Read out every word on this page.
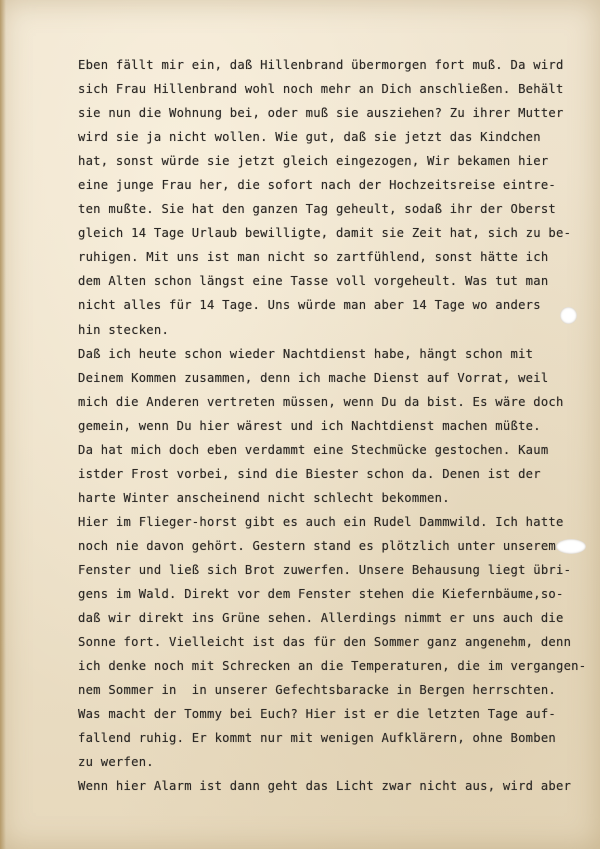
Eben fällt mir ein, daß Hillenbrand übermorgen fort muß. Da wird
sich Frau Hillenbrand wohl noch mehr an Dich anschließen. Behält
sie nun die Wohnung bei, oder muß sie ausziehen? Zu ihrer Mutter
wird sie ja nicht wollen. Wie gut, daß sie jetzt das Kindchen
hat, sonst würde sie jetzt gleich eingezogen, Wir bekamen hier
eine junge Frau her, die sofort nach der Hochzeitsreise eintre-
ten mußte. Sie hat den ganzen Tag geheult, sodaß ihr der Oberst
gleich 14 Tage Urlaub bewilligte, damit sie Zeit hat, sich zu be-
ruhigen. Mit uns ist man nicht so zartfühlend, sonst hätte ich
dem Alten schon längst eine Tasse voll vorgeheult. Was tut man
nicht alles für 14 Tage. Uns würde man aber 14 Tage wo anders
hin stecken.
Daß ich heute schon wieder Nachtdienst habe, hängt schon mit
Deinem Kommen zusammen, denn ich mache Dienst auf Vorrat, weil
mich die Anderen vertreten müssen, wenn Du da bist. Es wäre doch
gemein, wenn Du hier wärest und ich Nachtdienst machen müßte.
Da hat mich doch eben verdammt eine Stechmücke gestochen. Kaum
istder Frost vorbei, sind die Biester schon da. Denen ist der
harte Winter anscheinend nicht schlecht bekommen.
Hier im Flieger-horst gibt es auch ein Rudel Dammwild. Ich hatte
noch nie davon gehört. Gestern stand es plötzlich unter unserem
Fenster und ließ sich Brot zuwerfen. Unsere Behausung liegt übri-
gens im Wald. Direkt vor dem Fenster stehen die Kiefernbäume,so-
daß wir direkt ins Grüne sehen. Allerdings nimmt er uns auch die
Sonne fort. Vielleicht ist das für den Sommer ganz angenehm, denn
ich denke noch mit Schrecken an die Temperaturen, die im vergangen-
nem Sommer in  in unserer Gefechtsbaracke in Bergen herrschten.
Was macht der Tommy bei Euch? Hier ist er die letzten Tage auf-
fallend ruhig. Er kommt nur mit wenigen Aufklärern, ohne Bomben
zu werfen.
Wenn hier Alarm ist dann geht das Licht zwar nicht aus, wird aber
